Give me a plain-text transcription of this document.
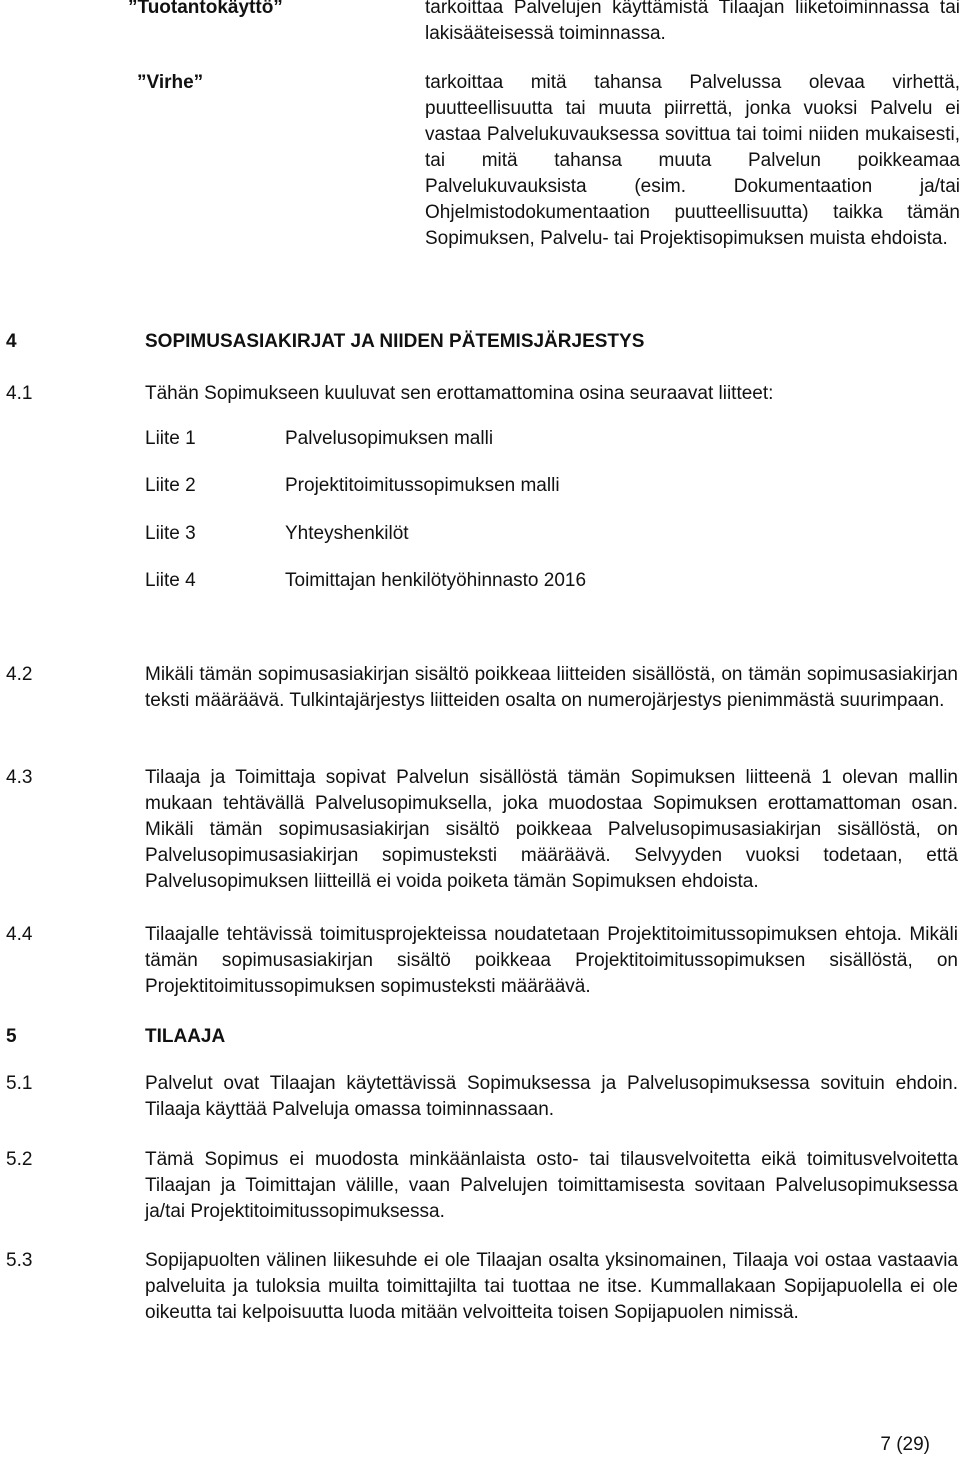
”Tuotantokäyttö”	tarkoittaa Palvelujen käyttämistä Tilaajan liiketoiminnassa tai lakisääteisessä toiminnassa.
”Virhe”	tarkoittaa mitä tahansa Palvelussa olevaa virhettä, puutteellisuutta tai muuta piirrettä, jonka vuoksi Palvelu ei vastaa Palvelukuvauksessa sovittua tai toimi niiden mukaisesti, tai mitä tahansa muuta Palvelun poikkeamaa Palvelukuvauksista (esim. Dokumentaation ja/tai Ohjelmistodokumentaation puutteellisuutta) taikka tämän Sopimuksen, Palvelu- tai Projektisopimuksen muista ehdoista.
4	SOPIMUSASIAKIRJAT JA NIIDEN PÄTEMISJÄRJESTYS
4.1	Tähän Sopimukseen kuuluvat sen erottamattomina osina seuraavat liitteet:
Liite 1	Palvelusopimuksen malli
Liite 2	Projektitoimitussopimuksen malli
Liite 3	Yhteyshenkilöt
Liite 4	Toimittajan henkilötyöhinnasto 2016
4.2	Mikäli tämän sopimusasiakirjan sisältö poikkeaa liitteiden sisällöstä, on tämän sopimusasiakirjan teksti määräävä. Tulkintajärjestys liitteiden osalta on numerojärjestys pienimmästä suurimpaan.
4.3	Tilaaja ja Toimittaja sopivat Palvelun sisällöstä tämän Sopimuksen liitteenä 1 olevan mallin mukaan tehtävällä Palvelusopimuksella, joka muodostaa Sopimuksen erottamattoman osan. Mikäli tämän sopimusasiakirjan sisältö poikkeaa Palvelusopimusasiakirjan sisällöstä, on Palvelusopimusasiakirjan sopimusteksti määräävä. Selvyyden vuoksi todetaan, että Palvelusopimuksen liitteillä ei voida poiketa tämän Sopimuksen ehdoista.
4.4	Tilaajalle tehtävissä toimitusprojekteissa noudatetaan Projektitoimitussopimuksen ehtoja. Mikäli tämän sopimusasiakirjan sisältö poikkeaa Projektitoimitussopimuksen sisällöstä, on Projektitoimitussopimuksen sopimusteksti määräävä.
5	TILAAJA
5.1	Palvelut ovat Tilaajan käytettävissä Sopimuksessa ja Palvelusopimuksessa sovituin ehdoin. Tilaaja käyttää Palveluja omassa toiminnassaan.
5.2	Tämä Sopimus ei muodosta minkäänlaista osto- tai tilausvelvoitetta eikä toimitusvelvoitetta Tilaajan ja Toimittajan välille, vaan Palvelujen toimittamisesta sovitaan Palvelusopimuksessa ja/tai Projektitoimitussopimuksessa.
5.3	Sopijapuolten välinen liikesuhde ei ole Tilaajan osalta yksinomainen, Tilaaja voi ostaa vastaavia palveluita ja tuloksia muilta toimittajilta tai tuottaa ne itse. Kummallakaan Sopijapuolella ei ole oikeutta tai kelpoisuutta luoda mitään velvoitteita toisen Sopijapuolen nimissä.
7 (29)
